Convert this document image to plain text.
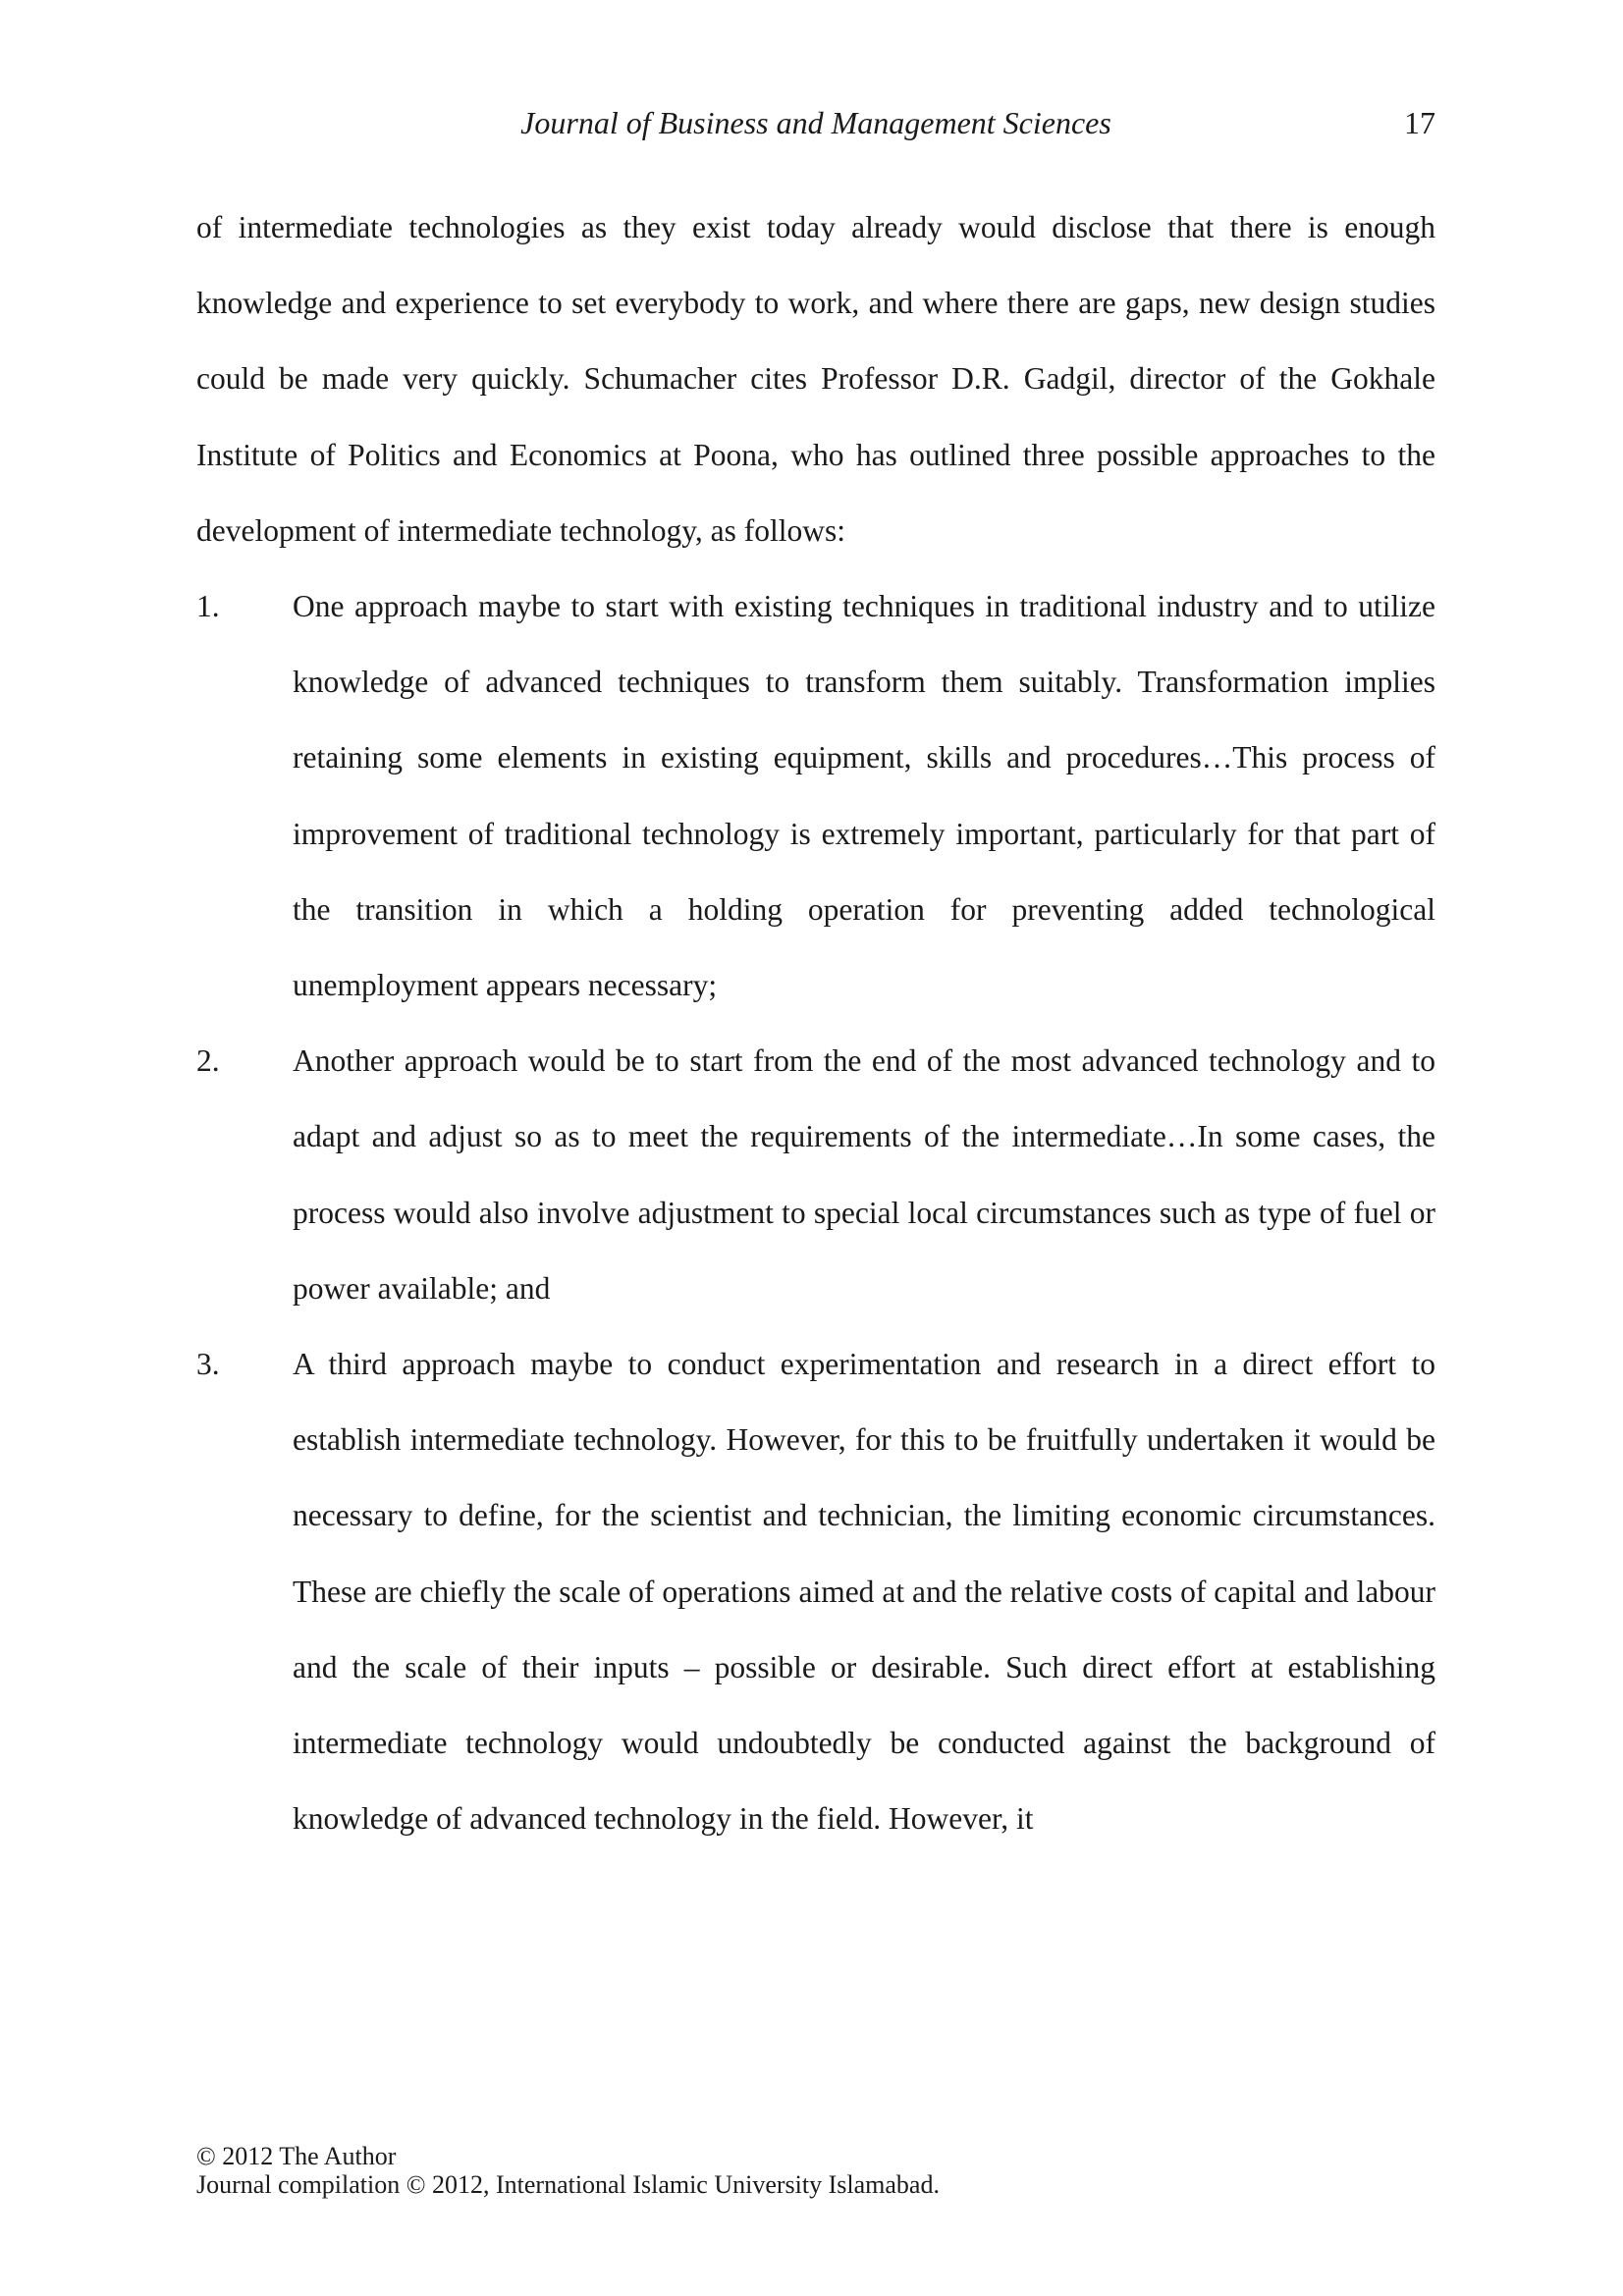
Journal of Business and Management Sciences	17

of intermediate technologies as they exist today already would disclose that there is enough knowledge and experience to set everybody to work, and where there are gaps, new design studies could be made very quickly. Schumacher cites Professor D.R. Gadgil, director of the Gokhale Institute of Politics and Economics at Poona, who has outlined three possible approaches to the development of intermediate technology, as follows:

1. One approach maybe to start with existing techniques in traditional industry and to utilize knowledge of advanced techniques to transform them suitably. Transformation implies retaining some elements in existing equipment, skills and procedures…This process of improvement of traditional technology is extremely important, particularly for that part of the transition in which a holding operation for preventing added technological unemployment appears necessary;
2. Another approach would be to start from the end of the most advanced technology and to adapt and adjust so as to meet the requirements of the intermediate…In some cases, the process would also involve adjustment to special local circumstances such as type of fuel or power available; and
3. A third approach maybe to conduct experimentation and research in a direct effort to establish intermediate technology. However, for this to be fruitfully undertaken it would be necessary to define, for the scientist and technician, the limiting economic circumstances. These are chiefly the scale of operations aimed at and the relative costs of capital and labour and the scale of their inputs – possible or desirable. Such direct effort at establishing intermediate technology would undoubtedly be conducted against the background of knowledge of advanced technology in the field. However, it
© 2012 The Author
Journal compilation © 2012, International Islamic University Islamabad.
